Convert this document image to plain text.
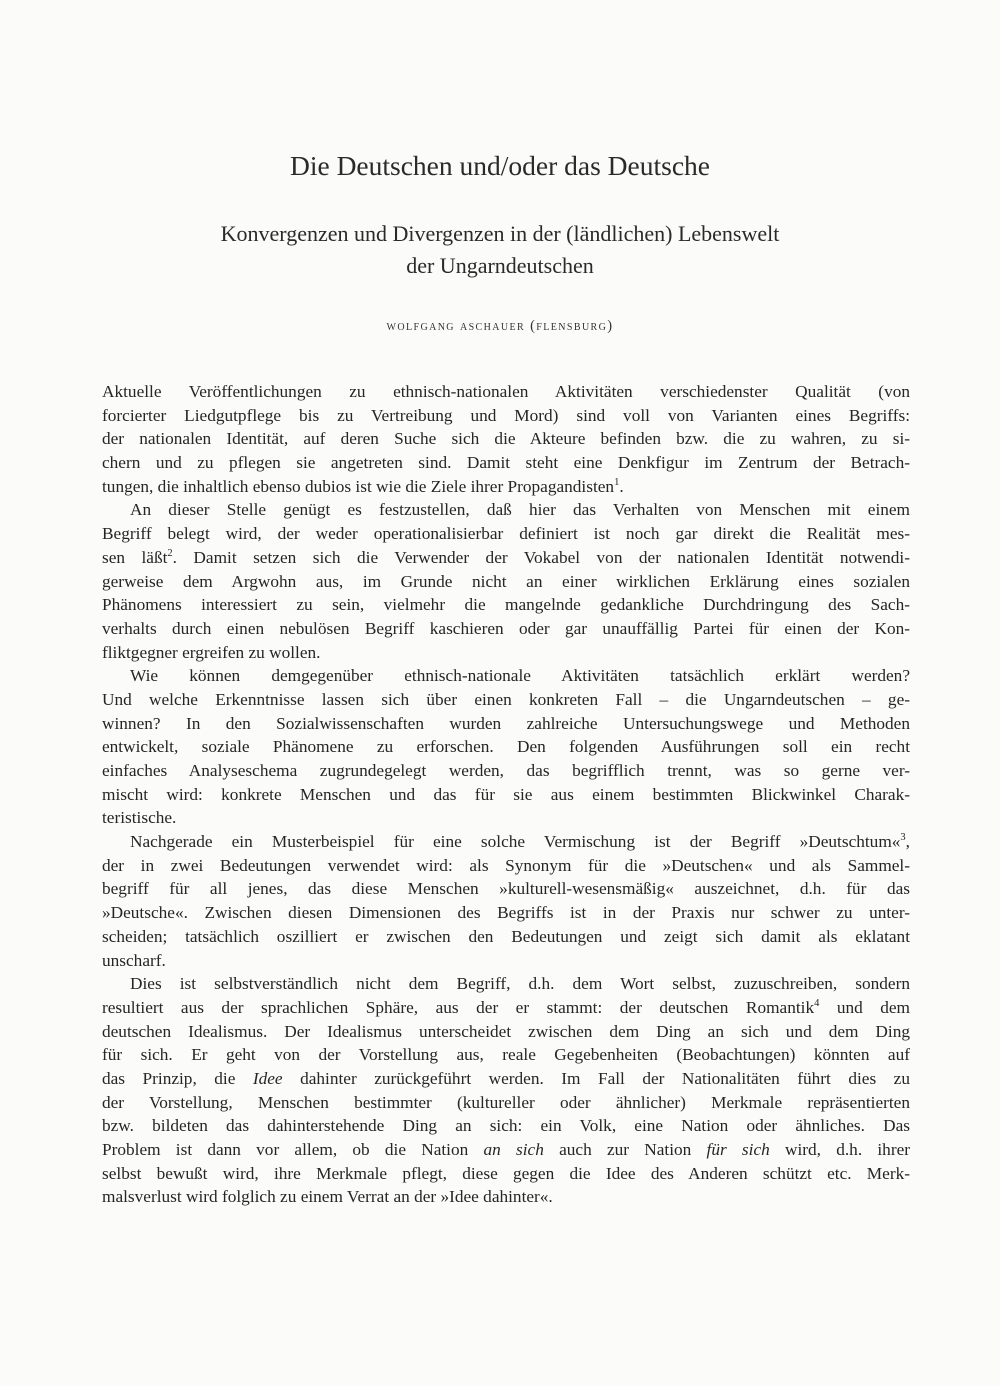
Die Deutschen und/oder das Deutsche
Konvergenzen und Divergenzen in der (ländlichen) Lebenswelt
der Ungarndeutschen
wolfgang aschauer (flensburg)
Aktuelle Veröffentlichungen zu ethnisch-nationalen Aktivitäten verschiedenster Qualität (von
forcierter Liedgutpflege bis zu Vertreibung und Mord) sind voll von Varianten eines Begriffs:
der nationalen Identität, auf deren Suche sich die Akteure befinden bzw. die zu wahren, zu si-
chern und zu pflegen sie angetreten sind. Damit steht eine Denkfigur im Zentrum der Betrach-
tungen, die inhaltlich ebenso dubios ist wie die Ziele ihrer Propagandisten$^1$.
An dieser Stelle genügt es festzustellen, daß hier das Verhalten von Menschen mit einem
Begriff belegt wird, der weder operationalisierbar definiert ist noch gar direkt die Realität mes-
sen läßt$^2$. Damit setzen sich die Verwender der Vokabel von der nationalen Identität notwendi-
gerweise dem Argwohn aus, im Grunde nicht an einer wirklichen Erklärung eines sozialen
Phänomens interessiert zu sein, vielmehr die mangelnde gedankliche Durchdringung des Sach-
verhalts durch einen nebulösen Begriff kaschieren oder gar unauffällig Partei für einen der Kon-
fliktgegner ergreifen zu wollen.
Wie können demgegenüber ethnisch-nationale Aktivitäten tatsächlich erklärt werden?
Und welche Erkenntnisse lassen sich über einen konkreten Fall – die Ungarndeutschen – ge-
winnen? In den Sozialwissenschaften wurden zahlreiche Untersuchungswege und Methoden
entwickelt, soziale Phänomene zu erforschen. Den folgenden Ausführungen soll ein recht
einfaches Analyseschema zugrundegelegt werden, das begrifflich trennt, was so gerne ver-
mischt wird: konkrete Menschen und das für sie aus einem bestimmten Blickwinkel Charak-
teristische.
Nachgerade ein Musterbeispiel für eine solche Vermischung ist der Begriff »Deutschtum«$^3$,
der in zwei Bedeutungen verwendet wird: als Synonym für die »Deutschen« und als Sammel-
begriff für all jenes, das diese Menschen »kulturell-wesensmäßig« auszeichnet, d.h. für das
»Deutsche«. Zwischen diesen Dimensionen des Begriffs ist in der Praxis nur schwer zu unter-
scheiden; tatsächlich oszilliert er zwischen den Bedeutungen und zeigt sich damit als eklatant
unscharf.
Dies ist selbstverständlich nicht dem Begriff, d.h. dem Wort selbst, zuzuschreiben, sondern
resultiert aus der sprachlichen Sphäre, aus der er stammt: der deutschen Romantik$^4$ und dem
deutschen Idealismus. Der Idealismus unterscheidet zwischen dem Ding an sich und dem Ding
für sich. Er geht von der Vorstellung aus, reale Gegebenheiten (Beobachtungen) könnten auf
das Prinzip, die Idee dahinter zurückgeführt werden. Im Fall der Nationalitäten führt dies zu
der Vorstellung, Menschen bestimmter (kultureller oder ähnlicher) Merkmale repräsentierten
bzw. bildeten das dahinterstehende Ding an sich: ein Volk, eine Nation oder ähnliches. Das
Problem ist dann vor allem, ob die Nation an sich auch zur Nation für sich wird, d.h. ihrer
selbst bewußt wird, ihre Merkmale pflegt, diese gegen die Idee des Anderen schützt etc. Merk-
malsverlust wird folglich zu einem Verrat an der »Idee dahinter«.
